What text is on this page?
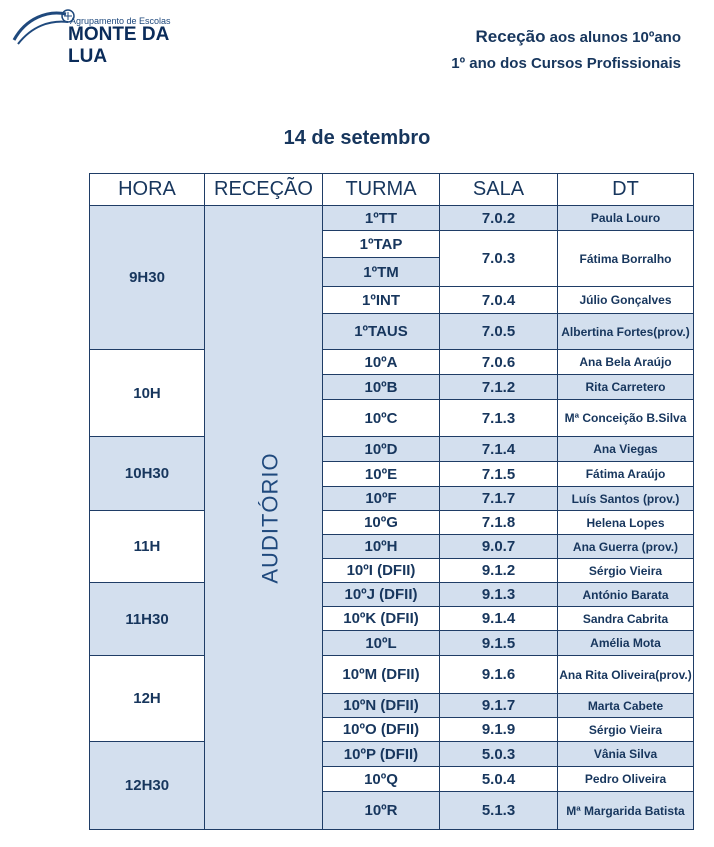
Agrupamento de Escolas
MONTE DA LUA
Receção aos alunos 10ºano
1º ano dos Cursos Profissionais
14 de setembro
HORA	RECEÇÃO	TURMA	SALA	DT
9H30	AUDITÓRIO	1ºTT	7.0.2	Paula Louro
		1ºTAP	7.0.3	Fátima Borralho
		1ºTM		
		1ºINT	7.0.4	Júlio Gonçalves
		1ºTAUS	7.0.5	Albertina Fortes(prov.)
10H		10ºA	7.0.6	Ana Bela Araújo
		10ºB	7.1.2	Rita Carretero
		10ºC	7.1.3	Mª Conceição B.Silva
10H30		10ºD	7.1.4	Ana Viegas
		10ºE	7.1.5	Fátima Araújo
		10ºF	7.1.7	Luís Santos (prov.)
11H		10ºG	7.1.8	Helena Lopes
		10ºH	9.0.7	Ana Guerra (prov.)
		10ºI (DFII)	9.1.2	Sérgio Vieira
11H30		10ºJ (DFII)	9.1.3	António Barata
		10ºK (DFII)	9.1.4	Sandra Cabrita
		10ºL	9.1.5	Amélia Mota
12H		10ºM (DFII)	9.1.6	Ana Rita Oliveira(prov.)
		10ºN (DFII)	9.1.7	Marta Cabete
		10ºO (DFII)	9.1.9	Sérgio Vieira
12H30		10ºP (DFII)	5.0.3	Vânia Silva
		10ºQ	5.0.4	Pedro Oliveira
		10ºR	5.1.3	Mª Margarida Batista
